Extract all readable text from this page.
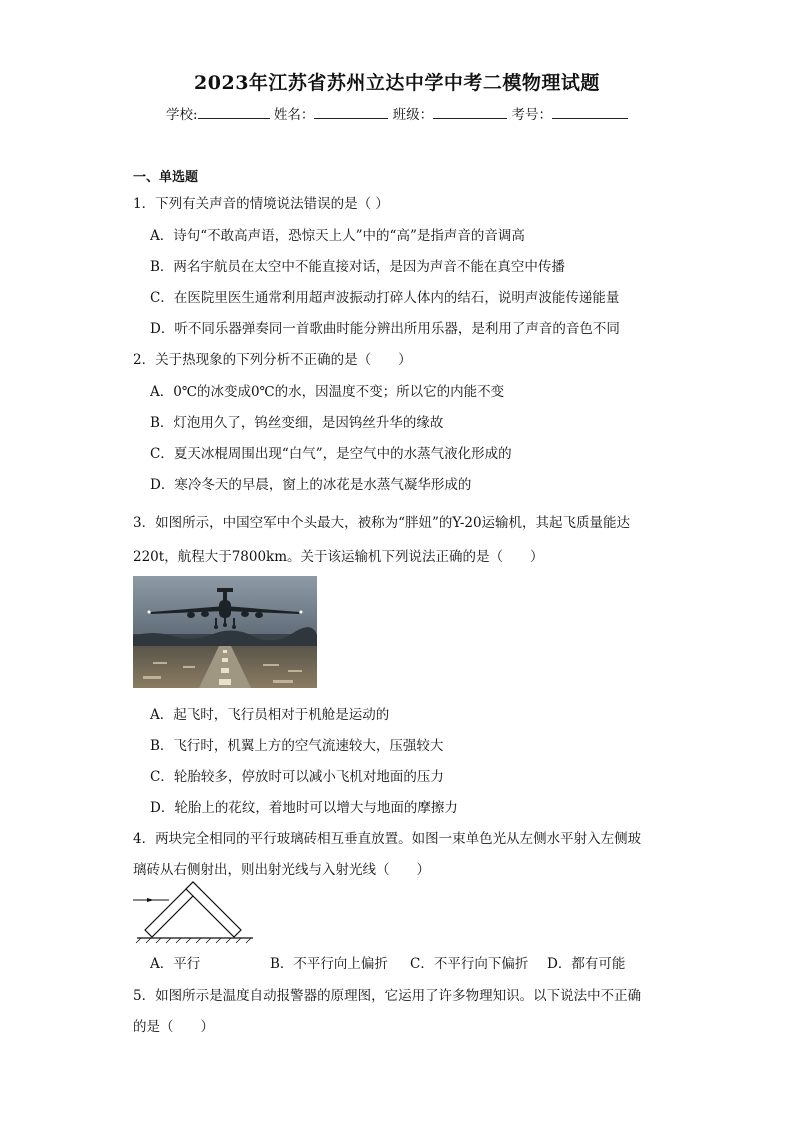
2023年江苏省苏州立达中学中考二模物理试题
学校:	姓名：	班级：	考号：
一、单选题
1．下列有关声音的情境说法错误的是（ ）
A．诗句“不敢高声语，恐惊天上人”中的“高”是指声音的音调高
B．两名宇航员在太空中不能直接对话，是因为声音不能在真空中传播
C．在医院里医生通常利用超声波振动打碎人体内的结石，说明声波能传递能量
D．听不同乐器弹奏同一首歌曲时能分辨出所用乐器，是利用了声音的音色不同
2．关于热现象的下列分析不正确的是（　　）
A．0℃的冰变成0℃的水，因温度不变；所以它的内能不变
B．灯泡用久了，钨丝变细，是因钨丝升华的缘故
C．夏天冰棍周围出现“白气”，是空气中的水蒸气液化形成的
D．寒冷冬天的早晨，窗上的冰花是水蒸气凝华形成的
3．如图所示，中国空军中个头最大，被称为“胖妞”的Y-20运输机，其起飞质量能达
220t，航程大于7800km。关于该运输机下列说法正确的是（　　）
A．起飞时，飞行员相对于机舱是运动的
B．飞行时，机翼上方的空气流速较大，压强较大
C．轮胎较多，停放时可以减小飞机对地面的压力
D．轮胎上的花纹，着地时可以增大与地面的摩擦力
4．两块完全相同的平行玻璃砖相互垂直放置。如图一束单色光从左侧水平射入左侧玻
璃砖从右侧射出，则出射光线与入射光线（　　）
A．平行	B．不平行向上偏折 C．不平行向下偏折 D．都有可能
5．如图所示是温度自动报警器的原理图，它运用了许多物理知识。以下说法中不正确
的是（　　）
